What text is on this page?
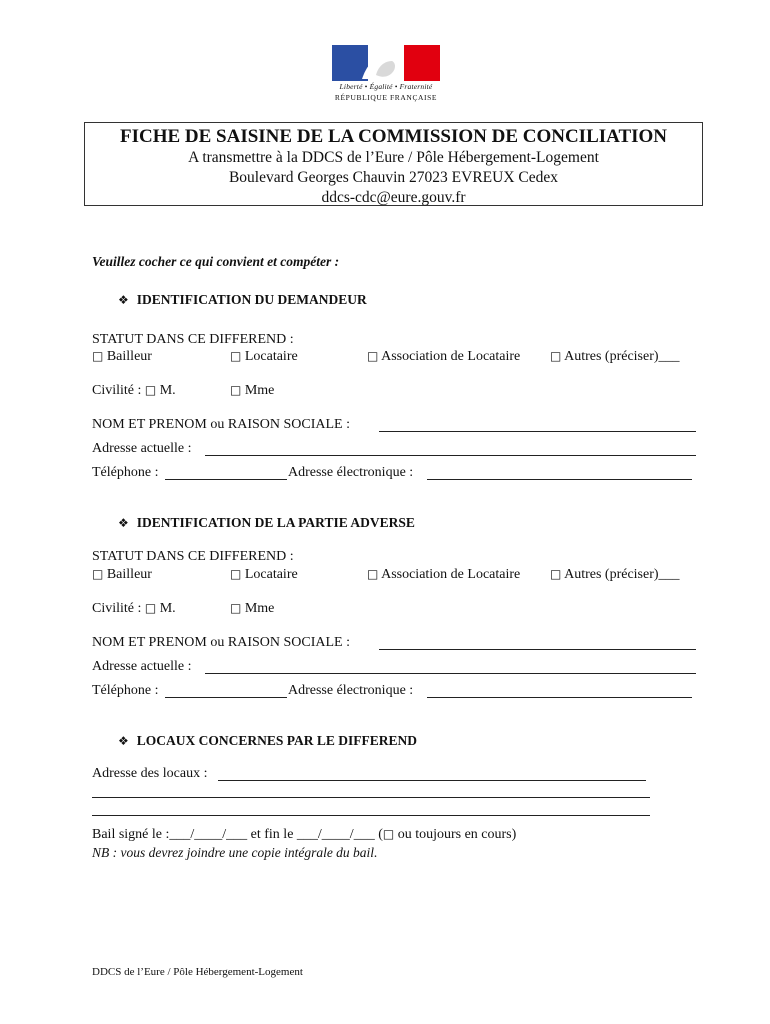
Liberté • Égalité • Fraternité
RÉPUBLIQUE FRANÇAISE
FICHE DE SAISINE DE LA COMMISSION DE CONCILIATION
A transmettre à la DDCS de l’Eure / Pôle Hébergement-Logement
Boulevard Georges Chauvin 27023 EVREUX Cedex
ddcs-cdc@eure.gouv.fr
Veuillez cocher ce qui convient et compéter :
❖ IDENTIFICATION DU DEMANDEUR
STATUT DANS CE DIFFEREND :
□ Bailleur	□ Locataire	□ Association de Locataire □ Autres (préciser)___
Civilité : □ M.	□ Mme
NOM ET PRENOM ou RAISON SOCIALE :
Adresse actuelle :
Téléphone :	Adresse électronique :
❖ IDENTIFICATION DE LA PARTIE ADVERSE
STATUT DANS CE DIFFEREND :
□ Bailleur	□ Locataire	□ Association de Locataire □ Autres (préciser)___
Civilité : □ M.	□ Mme
NOM ET PRENOM ou RAISON SOCIALE :
Adresse actuelle :
Téléphone :	Adresse électronique :
❖ LOCAUX CONCERNES PAR LE DIFFEREND
Adresse des locaux :
Bail signé le :___/____/___ et fin le ___/____/___ (□ ou toujours en cours)
NB : vous devrez joindre une copie intégrale du bail.
DDCS de l’Eure / Pôle Hébergement-Logement
